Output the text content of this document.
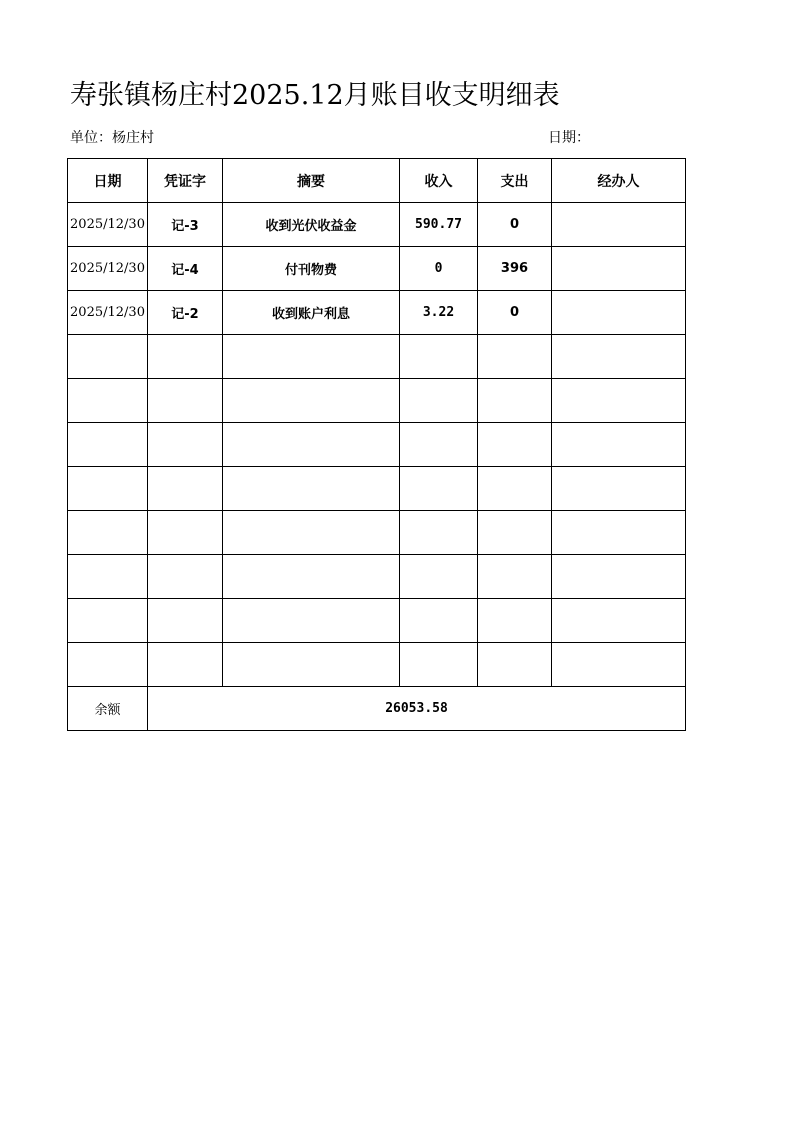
寿张镇杨庄村2025.12月账目收支明细表
单位：杨庄村	日期：
日期	凭证字	摘要	收入	支出	经办人
2025/12/30	记-3	收到光伏收益金	590.77	0	
2025/12/30	记-4	付刊物费	0	396	
2025/12/30	记-2	收到账户利息	3.22	0	

余额	26053.58				
